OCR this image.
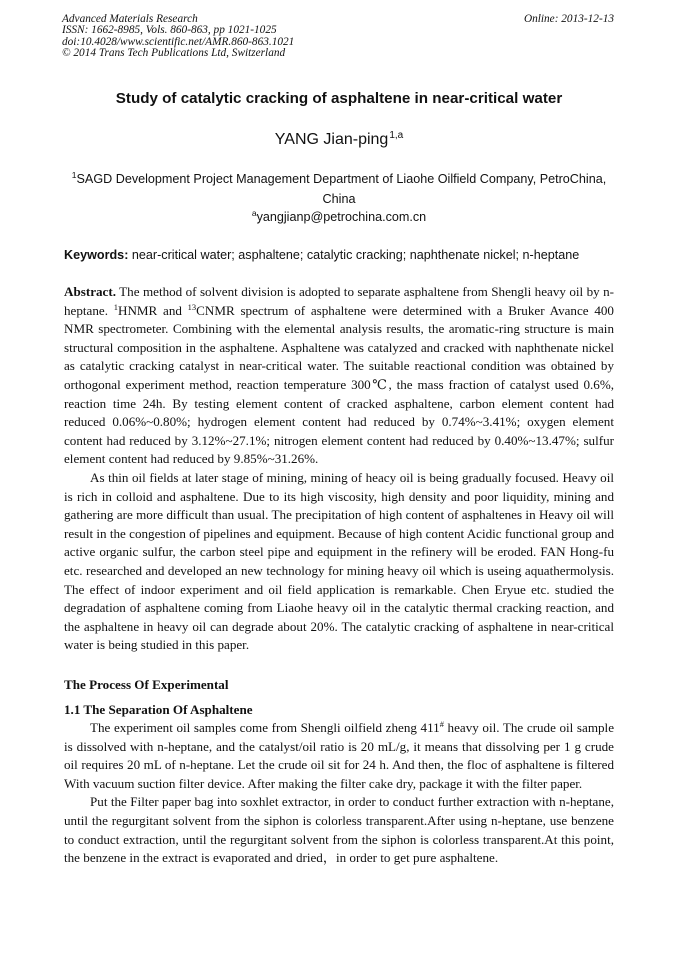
Advanced Materials Research
ISSN: 1662-8985, Vols. 860-863, pp 1021-1025
doi:10.4028/www.scientific.net/AMR.860-863.1021
© 2014 Trans Tech Publications Ltd, Switzerland
Online: 2013-12-13
Study of catalytic cracking of asphaltene in near-critical water
YANG Jian-ping$^{1,a}$
$^1$SAGD Development Project Management Department of Liaohe Oilfield Company, PetroChina, China
$^a$yangjianp@petrochina.com.cn
Keywords: near-critical water; asphaltene; catalytic cracking; naphthenate nickel; n-heptane

Abstract. The method of solvent division is adopted to separate asphaltene from Shengli heavy oil by n-heptane. $^1$HNMR and $^{13}$CNMR spectrum of asphaltene were determined with a Bruker Avance 400 NMR spectrometer. Combining with the elemental analysis results, the aromatic-ring structure is main structural composition in the asphaltene. Asphaltene was catalyzed and cracked with naphthenate nickel as catalytic cracking catalyst in near-critical water. The suitable reactional condition was obtained by orthogonal experiment method, reaction temperature 300℃, the mass fraction of catalyst used 0.6%, reaction time 24h. By testing element content of cracked asphaltene, carbon element content had reduced 0.06%~0.80%; hydrogen element content had reduced by 0.74%~3.41%; oxygen element content had reduced by 3.12%~27.1%; nitrogen element content had reduced by 0.40%~13.47%; sulfur element content had reduced by 9.85%~31.26%.

As thin oil fields at later stage of mining, mining of heacy oil is being gradually focused. Heavy oil is rich in colloid and asphaltene. Due to its high viscosity, high density and poor liquidity, mining and gathering are more difficult than usual. The precipitation of high content of asphaltenes in Heavy oil will result in the congestion of pipelines and equipment. Because of high content Acidic functional group and active organic sulfur, the carbon steel pipe and equipment in the refinery will be eroded. FAN Hong-fu etc. researched and developed an new technology for mining heavy oil which is useing aquathermolysis. The effect of indoor experiment and oil field application is remarkable. Chen Eryue etc. studied the degradation of asphaltene coming from Liaohe heavy oil in the catalytic thermal cracking reaction, and the asphaltene in heavy oil can degrade about 20%. The catalytic cracking of asphaltene in near-critical water is being studied in this paper.

The Process Of Experimental
1.1 The Separation Of Asphaltene

The experiment oil samples come from Shengli oilfield zheng 411# heavy oil. The crude oil sample is dissolved with n-heptane, and the catalyst/oil ratio is 20 mL/g, it means that dissolving per 1 g crude oil requires 20 mL of n-heptane. Let the crude oil sit for 24 h. And then, the floc of asphaltene is filtered With vacuum suction filter device. After making the filter cake dry, package it with the filter paper.

Put the Filter paper bag into soxhlet extractor, in order to conduct further extraction with n-heptane, until the regurgitant solvent from the siphon is colorless transparent.After using n-heptane, use benzene to conduct extraction, until the regurgitant solvent from the siphon is colorless transparent.At this point, the benzene in the extract is evaporated and dried，in order to get pure asphaltene.
